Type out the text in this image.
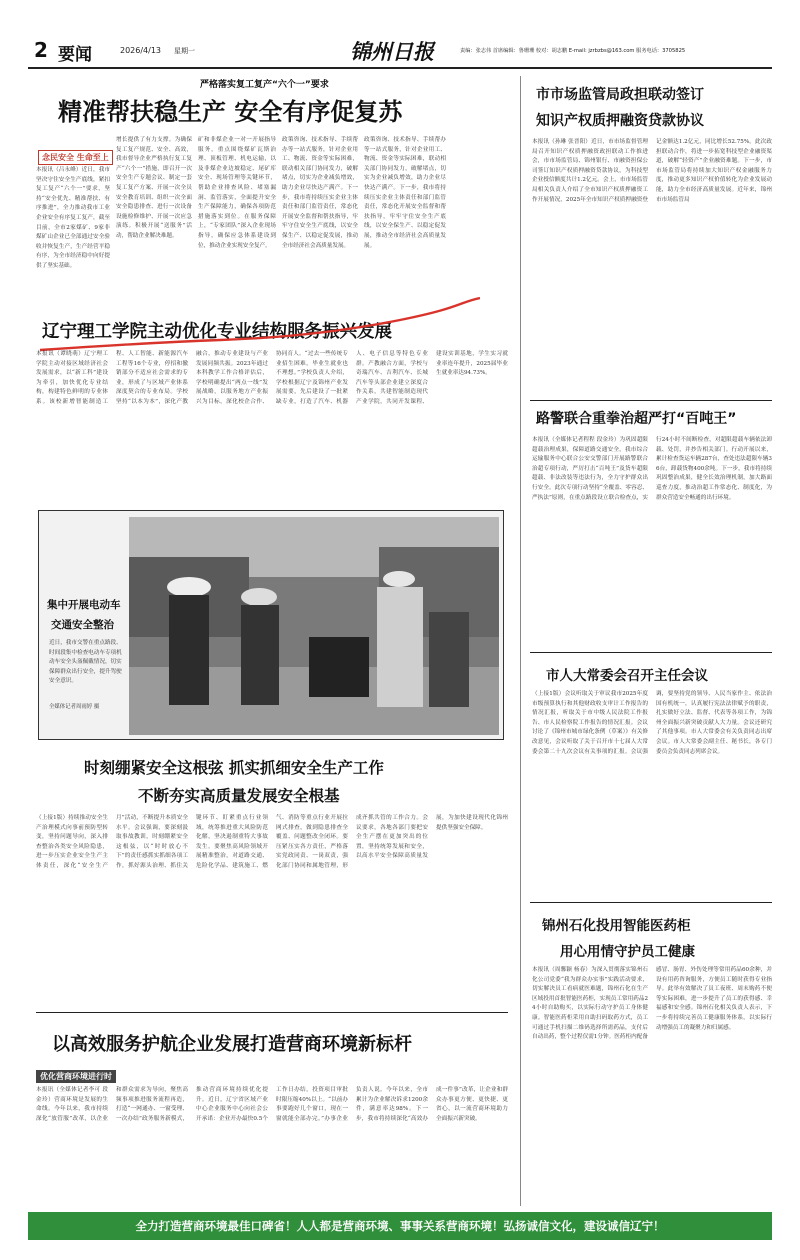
2 要闻	2026/4/13 星期一	锦州日报	责编：张志伟 首席编辑：鲁珊珊 校对：胡志鹏 E-mail: jzrbzbs@163.com 服务电话：3705825
严格落实复工复产“六个一”要求
精准帮扶稳生产 安全有序促复苏
念民安全 生命至上
本报讯（吕永峰）近日，我市坚决守住安全生产底线，紧扣复工复产“六个一”要求，坚持“安全优先、精准帮扶、有序推进”，全力推动我市工业企业安全有序复工复产，截至目前，全市2家煤矿、9家非煤矿山企业已全部通过安全验收并恢复生产，生产经营平稳有序，为全市经济稳中向好提供了坚实基础。
增长提供了有力支撑。为确保复工复产规范、安全、高效，我市督导企业严格执行复工复产“六个一”措施，即召开一次安全生产专题会议、制定一套复工复产方案、开展一次全员安全教育培训、组织一次全面安全隐患排查、进行一次设备设施检修维护、开展一次应急演练。积极开展“送服务”活动，帮助企业解决难题。
矿和非煤企业一对一开展指导服务，重点围绕煤矿瓦斯治理、顶板管理、机电运输，以及非煤企业边坡稳定、尾矿库安全、现场管理等关键环节，帮助企业排查风险、堵塞漏洞、监管落实，全面提升安全生产保障能力，确保各项防范措施落实到位。在服务保障上，“专家团队”深入企业现场指导，确保应急体系建设到位，推动企业实现安全复产。
政策咨询、技术指导、手续帮办等一站式服务，针对企业用工、物流、资金等实际困难，联动相关部门协同发力，破解堵点，切实为企业减负增效，助力企业尽快达产满产。下一步，我市将持续压实企业主体责任和部门监管责任，常态化开展安全监督和帮扶指导，牢牢守住安全生产底线，以安全保生产、以稳定促发展，推动全市经济社会高质量发展。
政策咨询、技术指导、手续帮办等一站式服务，针对企业用工、物流、资金等实际困难，联动相关部门协同发力，破解堵点，切实为企业减负增效，助力企业尽快达产满产。下一步，我市将持续压实企业主体责任和部门监管责任，常态化开展安全监督和帮扶指导，牢牢守住安全生产底线，以安全保生产、以稳定促发展，推动全市经济社会高质量发展。
辽宁理工学院主动优化专业结构服务振兴发展
本报讯（谭晓萌）辽宁理工学院主动对接区域经济社会发展需求，以“新工科”建设为牵引，加快优化专业结构，构建特色鲜明的专业体系。该校新增智能制造工程、人工智能、新能源汽车工程等16个专业，停招和撤销部分不适应社会需求的专业，形成了与区域产业体系深度契合的专业布局。学校坚持“以本为本”，深化产教融合，推动专业建设与产业发展同频共振。2023年通过本科教学工作合格评估后，学校明确提出“两点一线”发展战略，以服务地方产业振兴为目标，深化校企合作、协同育人。“过去一些传统专业招生困难，毕业生就业也不理想。”学校负责人介绍，学校根据辽宁及锦州产业发展需要，先后建设了一批紧缺专业，打造了汽车、机器人、电子信息等特色专业群。产教融合方面，学校与奇瑞汽车、吉利汽车、长城汽车等头部企业建立深度合作关系，共建智能制造现代产业学院，共同开发课程、建设实训基地，学生实习就业率连年提升，2025届毕业生就业率达94.73%。
集中开展电动车
交通安全整治
近日，我市交警在重点路段、时间段集中检查电动车专项机动车安全头盔佩戴情况，切实保障群众出行安全，提升驾驶安全意识。
全媒体记者周雨婷 摄
时刻绷紧安全这根弦 抓实抓细安全生产工作
不断夯实高质量发展安全根基
（上接1版）持续推动安全生产治理模式向事前预防型转变，坚持问题导向，深入排查整治各类安全风险隐患，进一步压实企业安全生产主体责任，深化“安全生产月”活动，不断提升本质安全水平。会议强调，要深刻汲取事故教训，时刻绷紧安全这根弦，以“时时放心不下”的责任感抓实抓细各项工作，抓好源头治理、抓住关键环节、盯紧重点行业领域，统筹推进重大风险防范化解，坚决遏制重特大事故发生。要聚焦高风险领域开展精准整治，对道路交通、危险化学品、建筑施工、燃气、消防等重点行业开展拉网式排查，做到隐患排查全覆盖、问题整改全闭环。要压紧压实各方责任，严格落实党政同责、一岗双责，强化部门协同和属地管理，形成齐抓共管的工作合力。会议要求，各地各部门要把安全生产摆在更加突出的位置，坚持统筹发展和安全，以高水平安全保障高质量发展，为加快建设现代化锦州提供坚强安全保障。
以高效服务护航企业发展打造营商环境新标杆
优化营商环境进行时
本报讯（全媒体记者李可 段金玲）营商环境是发展的生命线。今年以来，我市持续深化“放管服”改革，以企业和群众需求为导向，聚焦高频事项推进服务流程再造，打造“一网通办、一窗受理、一次办结”政务服务新模式，推动营商环境持续优化提升。近日，辽宁省区域产业中心企业服务中心向社会公开承诺：企业开办最快0.5个工作日办结，投资项目审批时限压缩40%以上。“以前办事要跑好几个窗口，现在一窗就能全部办完。”办事企业负责人说。今年以来，全市累计为企业解决诉求1200余件，满意率达98%。下一步，我市将持续深化“高效办成一件事”改革，让企业和群众办事更方便、更快捷、更省心，以一流营商环境助力全面振兴新突破。
市市场监管局政担联动签订
知识产权质押融资贷款协议
本报讯（孙琳 张晋阳）近日，市市场监督管理局召开知识产权质押融资政担联动工作推进会，市市场监管局、锦州银行、市融资担保公司签订知识产权质押融资贷款协议，为科技型企业授信额度共计1.2亿元。会上，市市场监管局相关负责人介绍了全市知识产权质押融资工作开展情况，2025年全市知识产权质押融资登记金额达1.2亿元，同比增长52.75%。此次政担联动合作，将进一步拓宽科技型企业融资渠道，破解“轻资产”企业融资难题。下一步，市市场监管局将持续加大知识产权金融服务力度，推动更多知识产权价值转化为企业发展动能，助力全市经济高质量发展。近年来，锦州市市场监管局
路警联合重拳治超严打“百吨王”
本报讯（全媒体记者程程 段金玲）为巩固超限超载治理成果，保障道路交通安全，我市综合运输服务中心联合公安交警部门开展路警联合治超专项行动，严厉打击“百吨王”及货车超限超载、非法改装等违法行为，全力守护群众出行安全。此次专项行动坚持“全覆盖、零容忍、严执法”原则，在重点路段设立联合检查点，实行24小时不间断检查，对超限超载车辆依法卸载、处罚，并抄告相关部门。行动开展以来，累计检查货运车辆287台，查处违法超限车辆36台，卸载货物400余吨。下一步，我市将持续巩固整治成果，健全长效治理机制，加大路面巡查力度，推动治超工作常态化、制度化，为群众营造安全畅通的出行环境。
市人大常委会召开主任会议
（上接1版）会议听取关于审议我市2025年度市级预算执行和其他财政收支审计工作报告的情况汇报，听取关于市中级人民法院工作报告、市人民检察院工作报告的情况汇报。会议讨论了《锦州市城市绿化条例（草案）》有关修改意见，会议听取了关于召开市十七届人大常委会第二十九次会议有关事项的汇报。会议强调，要坚持党的领导、人民当家作主、依法治国有机统一，认真履行宪法法律赋予的职责，扎实做好立法、监督、代表等各项工作，为锦州全面振兴新突破贡献人大力量。会议还研究了其他事项。市人大常委会有关负责同志出席会议。市人大常委会副主任、秘书长，各专门委员会负责同志列席会议。
锦州石化投用智能医药柜
用心用情守护员工健康
本报讯（周馨颖 杨春）为深入贯彻落实锦州石化公司党委“我为群众办实事”实践活动要求，切实解决员工看病就医难题，锦州石化在生产区域投用首批智能医药柜，实现员工常用药品24小时自助购买，以实际行动守护员工身体健康。智能医药柜采用自助扫码取药方式，员工可通过手机扫描二维码选择所需药品，支付后自动出药，整个过程仅需1分钟。医药柜内配备感冒、肠胃、外伤处理等常用药品60余种，并设有用药咨询服务，方便员工随时获得专业指导。此举有效解决了员工夜班、周末购药不便等实际困难，进一步提升了员工的获得感、幸福感和安全感。锦州石化相关负责人表示，下一步将持续完善员工健康服务体系，以实际行动增强员工的凝聚力和归属感。
全力打造营商环境最佳口碑省！人人都是营商环境、事事关系营商环境！弘扬诚信文化，建设诚信辽宁！
